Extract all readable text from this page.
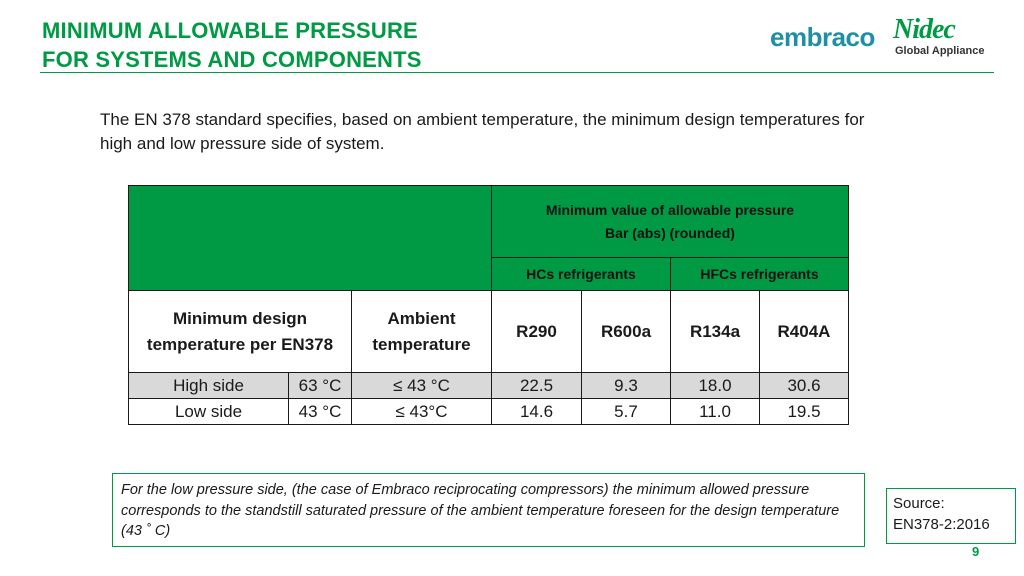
MINIMUM ALLOWABLE PRESSURE
FOR SYSTEMS AND COMPONENTS
embraco Nidec
Global Appliance

The EN 378 standard specifies, based on ambient temperature, the minimum design temperatures for high and low pressure side of system.

			Minimum value of allowable pressure
Bar (abs) (rounded)			

			HCs refrigerants		HFCs refrigerants	
Minimum design temperature per EN378		Ambient temperature	R290	R600a	R134a	R404A
High side	63 °C	≤ 43 °C	22.5	9.3	18.0	30.6
Low side	43 °C	≤ 43°C	14.6	5.7	11.0	19.5

For the low pressure side, (the case of Embraco reciprocating compressors) the minimum allowed pressure corresponds to the standstill saturated pressure of the ambient temperature foreseen for the design temperature (43 ˚ C)

Source:
EN378-2:2016
9
